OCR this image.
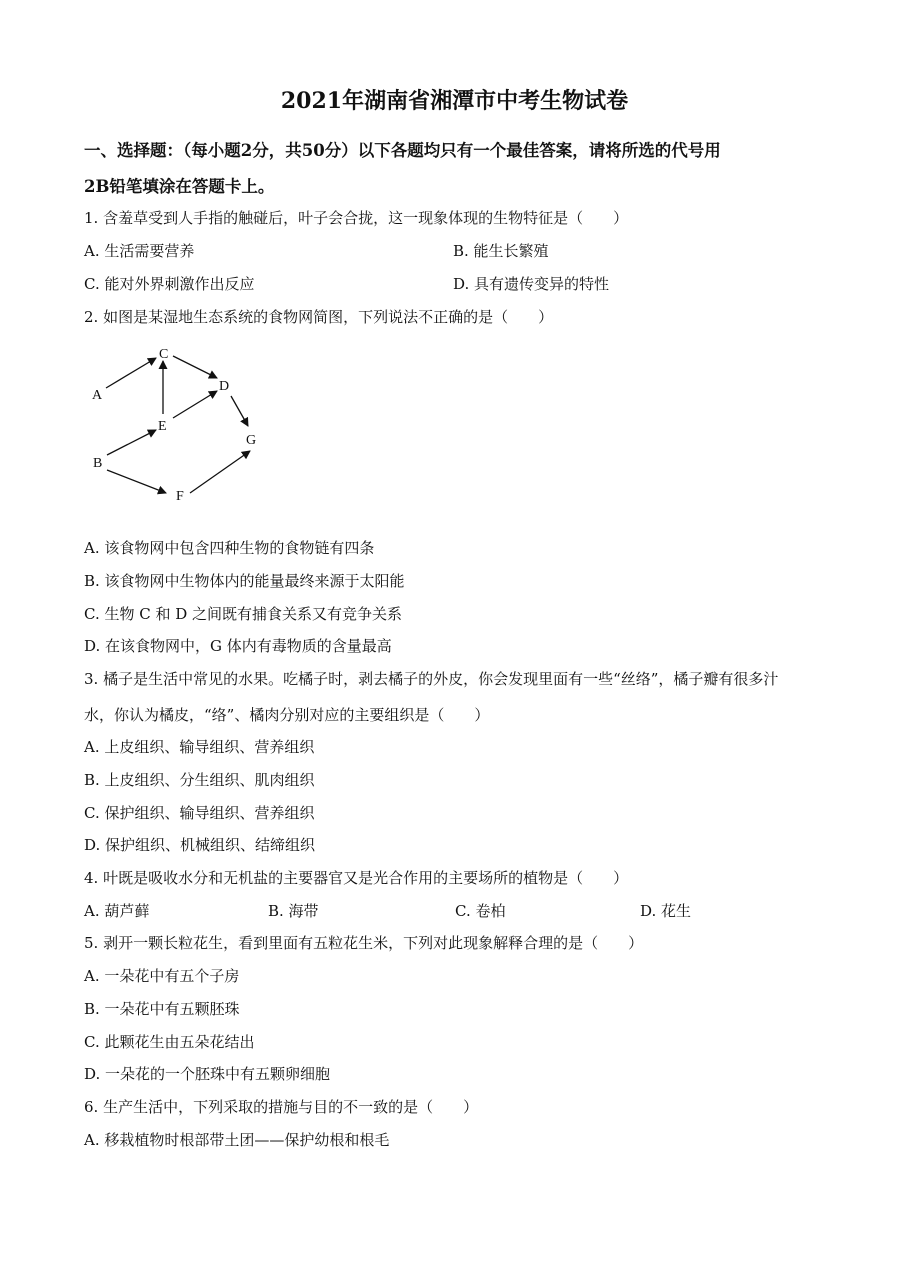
2021年湖南省湘潭市中考生物试卷
一、选择题：（每小题2分，共50分）以下各题均只有一个最佳答案，请将所选的代号用
2B铅笔填涂在答题卡上。
1. 含羞草受到人手指的触碰后，叶子会合拢，这一现象体现的生物特征是（　　）
A. 生活需要营养	B. 能生长繁殖
C. 能对外界刺激作出反应	D. 具有遗传变异的特性
2. 如图是某湿地生态系统的食物网简图，下列说法不正确的是（　　）
A
B
C
D
E
F
G
A. 该食物网中包含四种生物的食物链有四条
B. 该食物网中生物体内的能量最终来源于太阳能
C. 生物 C 和 D 之间既有捕食关系又有竞争关系
D. 在该食物网中，G 体内有毒物质的含量最高
3. 橘子是生活中常见的水果。吃橘子时，剥去橘子的外皮，你会发现里面有一些“丝络”，橘子瓣有很多汁
水，你认为橘皮，“络”、橘肉分别对应的主要组织是（　　）
A. 上皮组织、输导组织、营养组织
B. 上皮组织、分生组织、肌肉组织
C. 保护组织、输导组织、营养组织
D. 保护组织、机械组织、结缔组织
4. 叶既是吸收水分和无机盐的主要器官又是光合作用的主要场所的植物是（　　）
A. 葫芦藓	B. 海带	C. 卷柏	D. 花生
5. 剥开一颗长粒花生，看到里面有五粒花生米，下列对此现象解释合理的是（　　）
A. 一朵花中有五个子房
B. 一朵花中有五颗胚珠
C. 此颗花生由五朵花结出
D. 一朵花的一个胚珠中有五颗卵细胞
6. 生产生活中，下列采取的措施与目的不一致的是（　　）
A. 移栽植物时根部带土团——保护幼根和根毛
